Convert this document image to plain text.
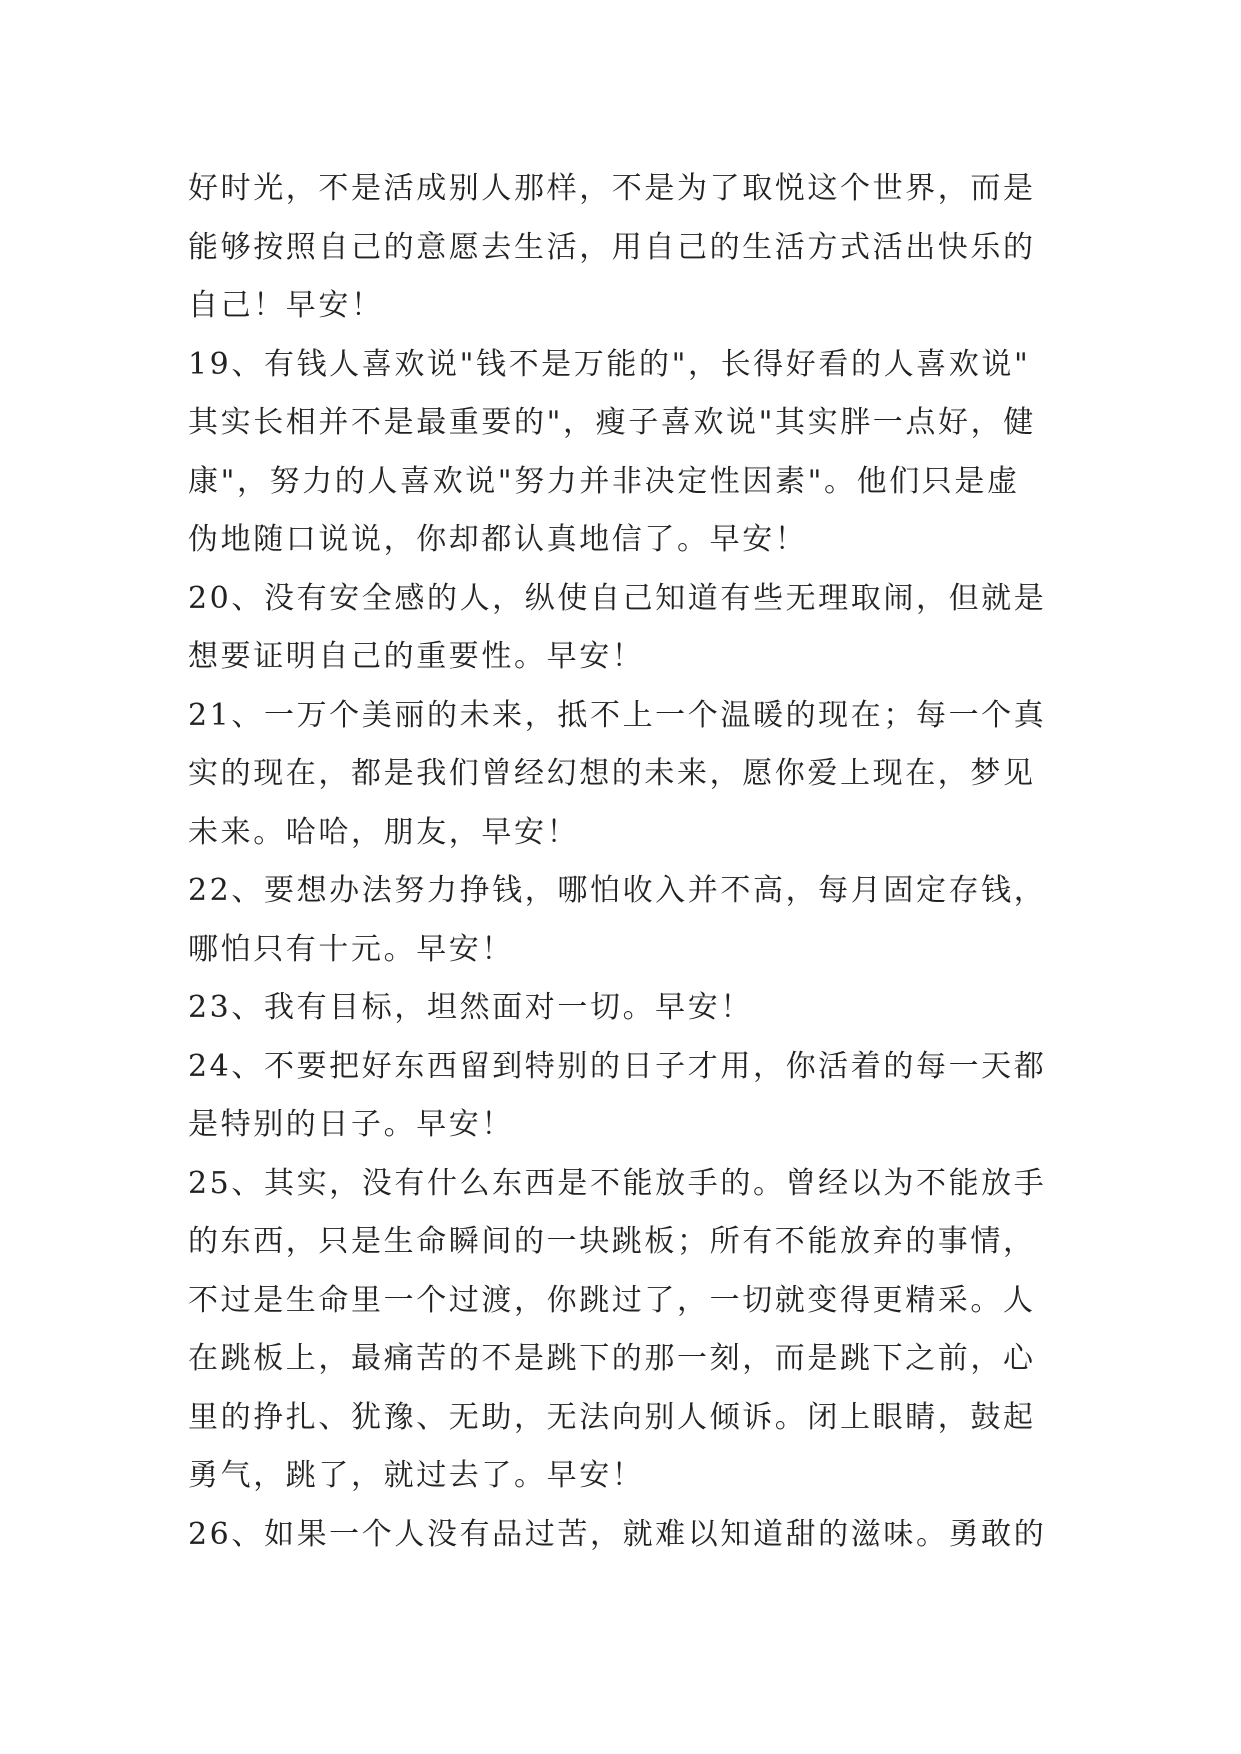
好时光，不是活成别人那样，不是为了取悦这个世界，而是
能够按照自己的意愿去生活，用自己的生活方式活出快乐的
自己！早安！
19、有钱人喜欢说"钱不是万能的"，长得好看的人喜欢说"
其实长相并不是最重要的"，瘦子喜欢说"其实胖一点好，健
康"，努力的人喜欢说"努力并非决定性因素"。他们只是虚
伪地随口说说，你却都认真地信了。早安！
20、没有安全感的人，纵使自己知道有些无理取闹，但就是
想要证明自己的重要性。早安！
21、一万个美丽的未来，抵不上一个温暖的现在；每一个真
实的现在，都是我们曾经幻想的未来，愿你爱上现在，梦见
未来。哈哈，朋友，早安！
22、要想办法努力挣钱，哪怕收入并不高，每月固定存钱，
哪怕只有十元。早安！
23、我有目标，坦然面对一切。早安！
24、不要把好东西留到特别的日子才用，你活着的每一天都
是特别的日子。早安！
25、其实，没有什么东西是不能放手的。曾经以为不能放手
的东西，只是生命瞬间的一块跳板；所有不能放弃的事情，
不过是生命里一个过渡，你跳过了，一切就变得更精采。人
在跳板上，最痛苦的不是跳下的那一刻，而是跳下之前，心
里的挣扎、犹豫、无助，无法向别人倾诉。闭上眼睛，鼓起
勇气，跳了，就过去了。早安！
26、如果一个人没有品过苦，就难以知道甜的滋味。勇敢的
